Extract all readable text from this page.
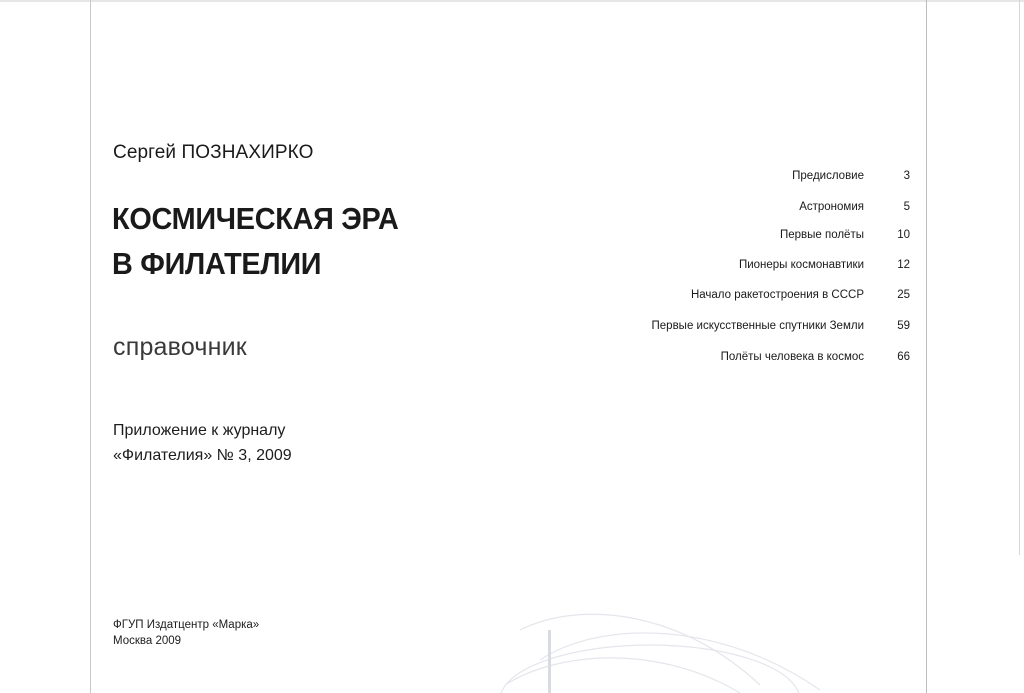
Сергей ПОЗНАХИРКО
КОСМИЧЕСКАЯ ЭРА
В ФИЛАТЕЛИИ
справочник
Приложение к журналу
«Филателия» № 3, 2009
ФГУП Издатцентр «Марка»
Москва 2009
Предисловие	3
Астрономия	5
Первые полёты	10
Пионеры космонавтики	12
Начало ракетостроения в СССР	25
Первые искусственные спутники Земли	59
Полёты человека в космос	66
